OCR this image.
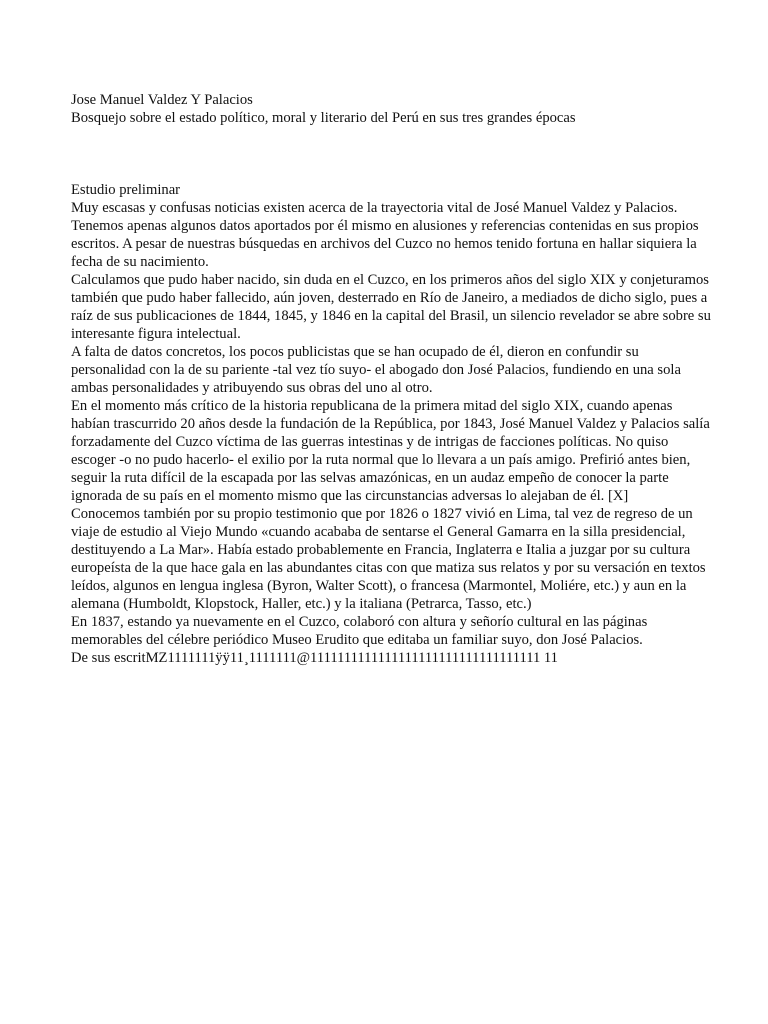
Jose Manuel Valdez Y Palacios

Bosquejo sobre el estado político, moral y literario del Perú en sus tres grandes épocas

Estudio preliminar

Muy escasas y confusas noticias existen acerca de la trayectoria vital de José Manuel Valdez y Palacios. Tenemos apenas algunos datos aportados por él mismo en alusiones y referencias contenidas en sus propios escritos. A pesar de nuestras búsquedas en archivos del Cuzco no hemos tenido fortuna en hallar siquiera la fecha de su nacimiento.

Calculamos que pudo haber nacido, sin duda en el Cuzco, en los primeros años del siglo XIX y conjeturamos también que pudo haber fallecido, aún joven, desterrado en Río de Janeiro, a mediados de dicho siglo, pues a raíz de sus publicaciones de 1844, 1845, y 1846 en la capital del Brasil, un silencio revelador se abre sobre su interesante figura intelectual.

A falta de datos concretos, los pocos publicistas que se han ocupado de él, dieron en confundir su personalidad con la de su pariente -tal vez tío suyo- el abogado don José Palacios, fundiendo en una sola ambas personalidades y atribuyendo sus obras del uno al otro.

En el momento más crítico de la historia republicana de la primera mitad del siglo XIX, cuando apenas habían trascurrido 20 años desde la fundación de la República, por 1843, José Manuel Valdez y Palacios salía forzadamente del Cuzco víctima de las guerras intestinas y de intrigas de facciones políticas. No quiso escoger -o no pudo hacerlo- el exilio por la ruta normal que lo llevara a un país amigo. Prefirió antes bien, seguir la ruta difícil de la escapada por las selvas amazónicas, en un audaz empeño de conocer la parte ignorada de su país en el momento mismo que las circunstancias adversas lo alejaban de él. [X]

Conocemos también por su propio testimonio que por 1826 o 1827 vivió en Lima, tal vez de regreso de un viaje de estudio al Viejo Mundo «cuando acababa de sentarse el General Gamarra en la silla presidencial, destituyendo a La Mar». Había estado probablemente en Francia, Inglaterra e Italia a juzgar por su cultura europeísta de la que hace gala en las abundantes citas con que matiza sus relatos y por su versación en textos leídos, algunos en lengua inglesa (Byron, Walter Scott), o francesa (Marmontel, Moliére, etc.) y aun en la alemana (Humboldt, Klopstock, Haller, etc.) y la italiana (Petrarca, Tasso, etc.)

En 1837, estando ya nuevamente en el Cuzco, colaboró con altura y señorío cultural en las páginas memorables del célebre periódico Museo Erudito que editaba un familiar suyo, don José Palacios.

De sus escritMZ1111111ÿÿ11¸1111111@1111111111111111111111111111111111 11
